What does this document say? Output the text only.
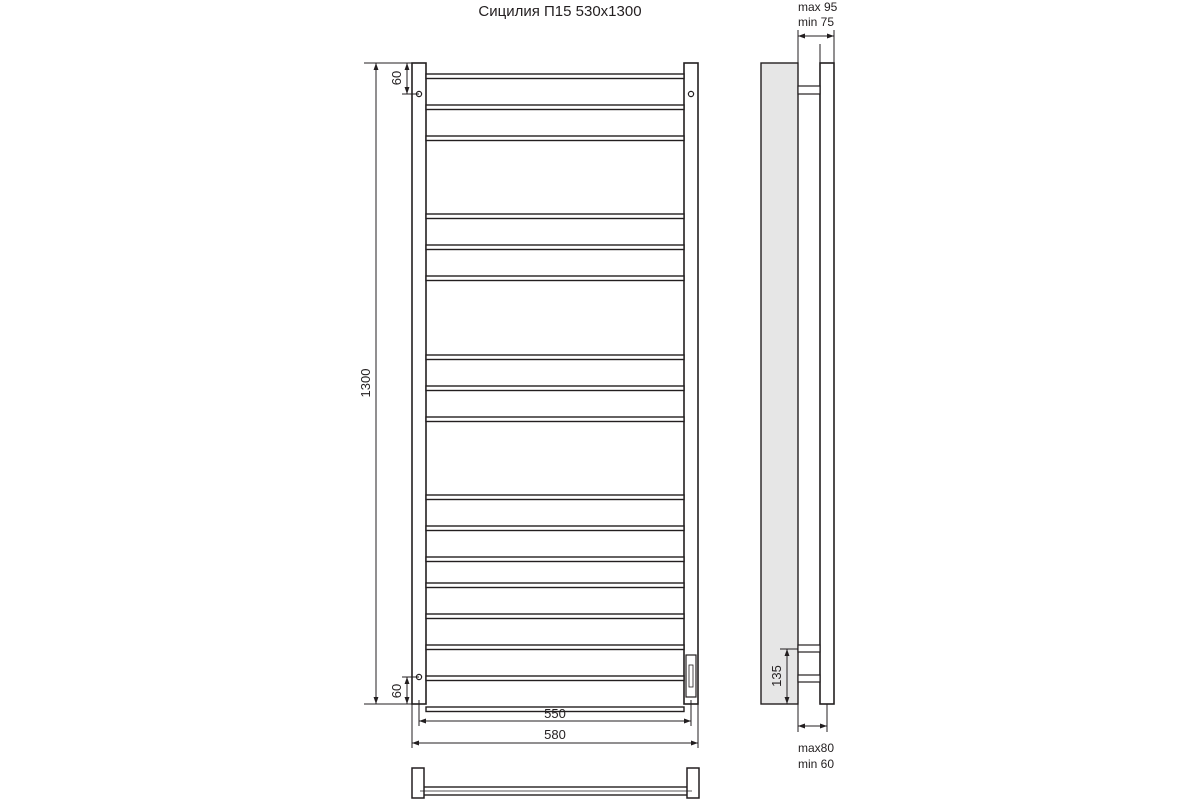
Сицилия П15 530х1300
1300
60
60
550
580
max 95
min 75
135
max80
min 60
